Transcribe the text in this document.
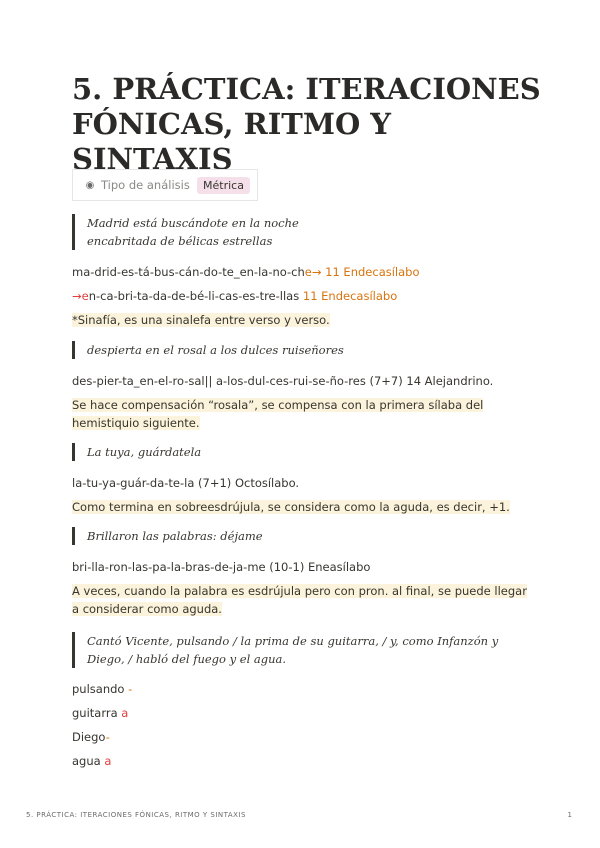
5. PRÁCTICA: ITERACIONES FÓNICAS, RITMO Y SINTAXIS
◉ Tipo de análisis	Métrica
Madrid está buscándote en la noche
encabritada de bélicas estrellas
ma-drid-es-tá-bus-cán-do-te_en-la-no-che→ 11 Endecasílabo
→en-ca-bri-ta-da-de-bé-li-cas-es-tre-llas 11 Endecasílabo
*Sinafía, es una sinalefa entre verso y verso.
despierta en el rosal a los dulces ruiseñores
des-pier-ta_en-el-ro-sal|| a-los-dul-ces-rui-se-ño-res (7+7) 14 Alejandrino.
Se hace compensación “rosala”, se compensa con la primera sílaba del hemistiquio siguiente.
La tuya, guárdatela
la-tu-ya-guár-da-te-la (7+1) Octosílabo.
Como termina en sobreesdrújula, se considera como la aguda, es decir, +1.
Brillaron las palabras: déjame
bri-lla-ron-las-pa-la-bras-de-ja-me (10-1) Eneasílabo
A veces, cuando la palabra es esdrújula pero con pron. al final, se puede llegar a considerar como aguda.
Cantó Vicente, pulsando / la prima de su guitarra, / y, como Infanzón y Diego, / habló del fuego y el agua.
pulsando -
guitarra a
Diego-
agua a
5. PRÁCTICA: ITERACIONES FÓNICAS, RITMO Y SINTAXIS	1
